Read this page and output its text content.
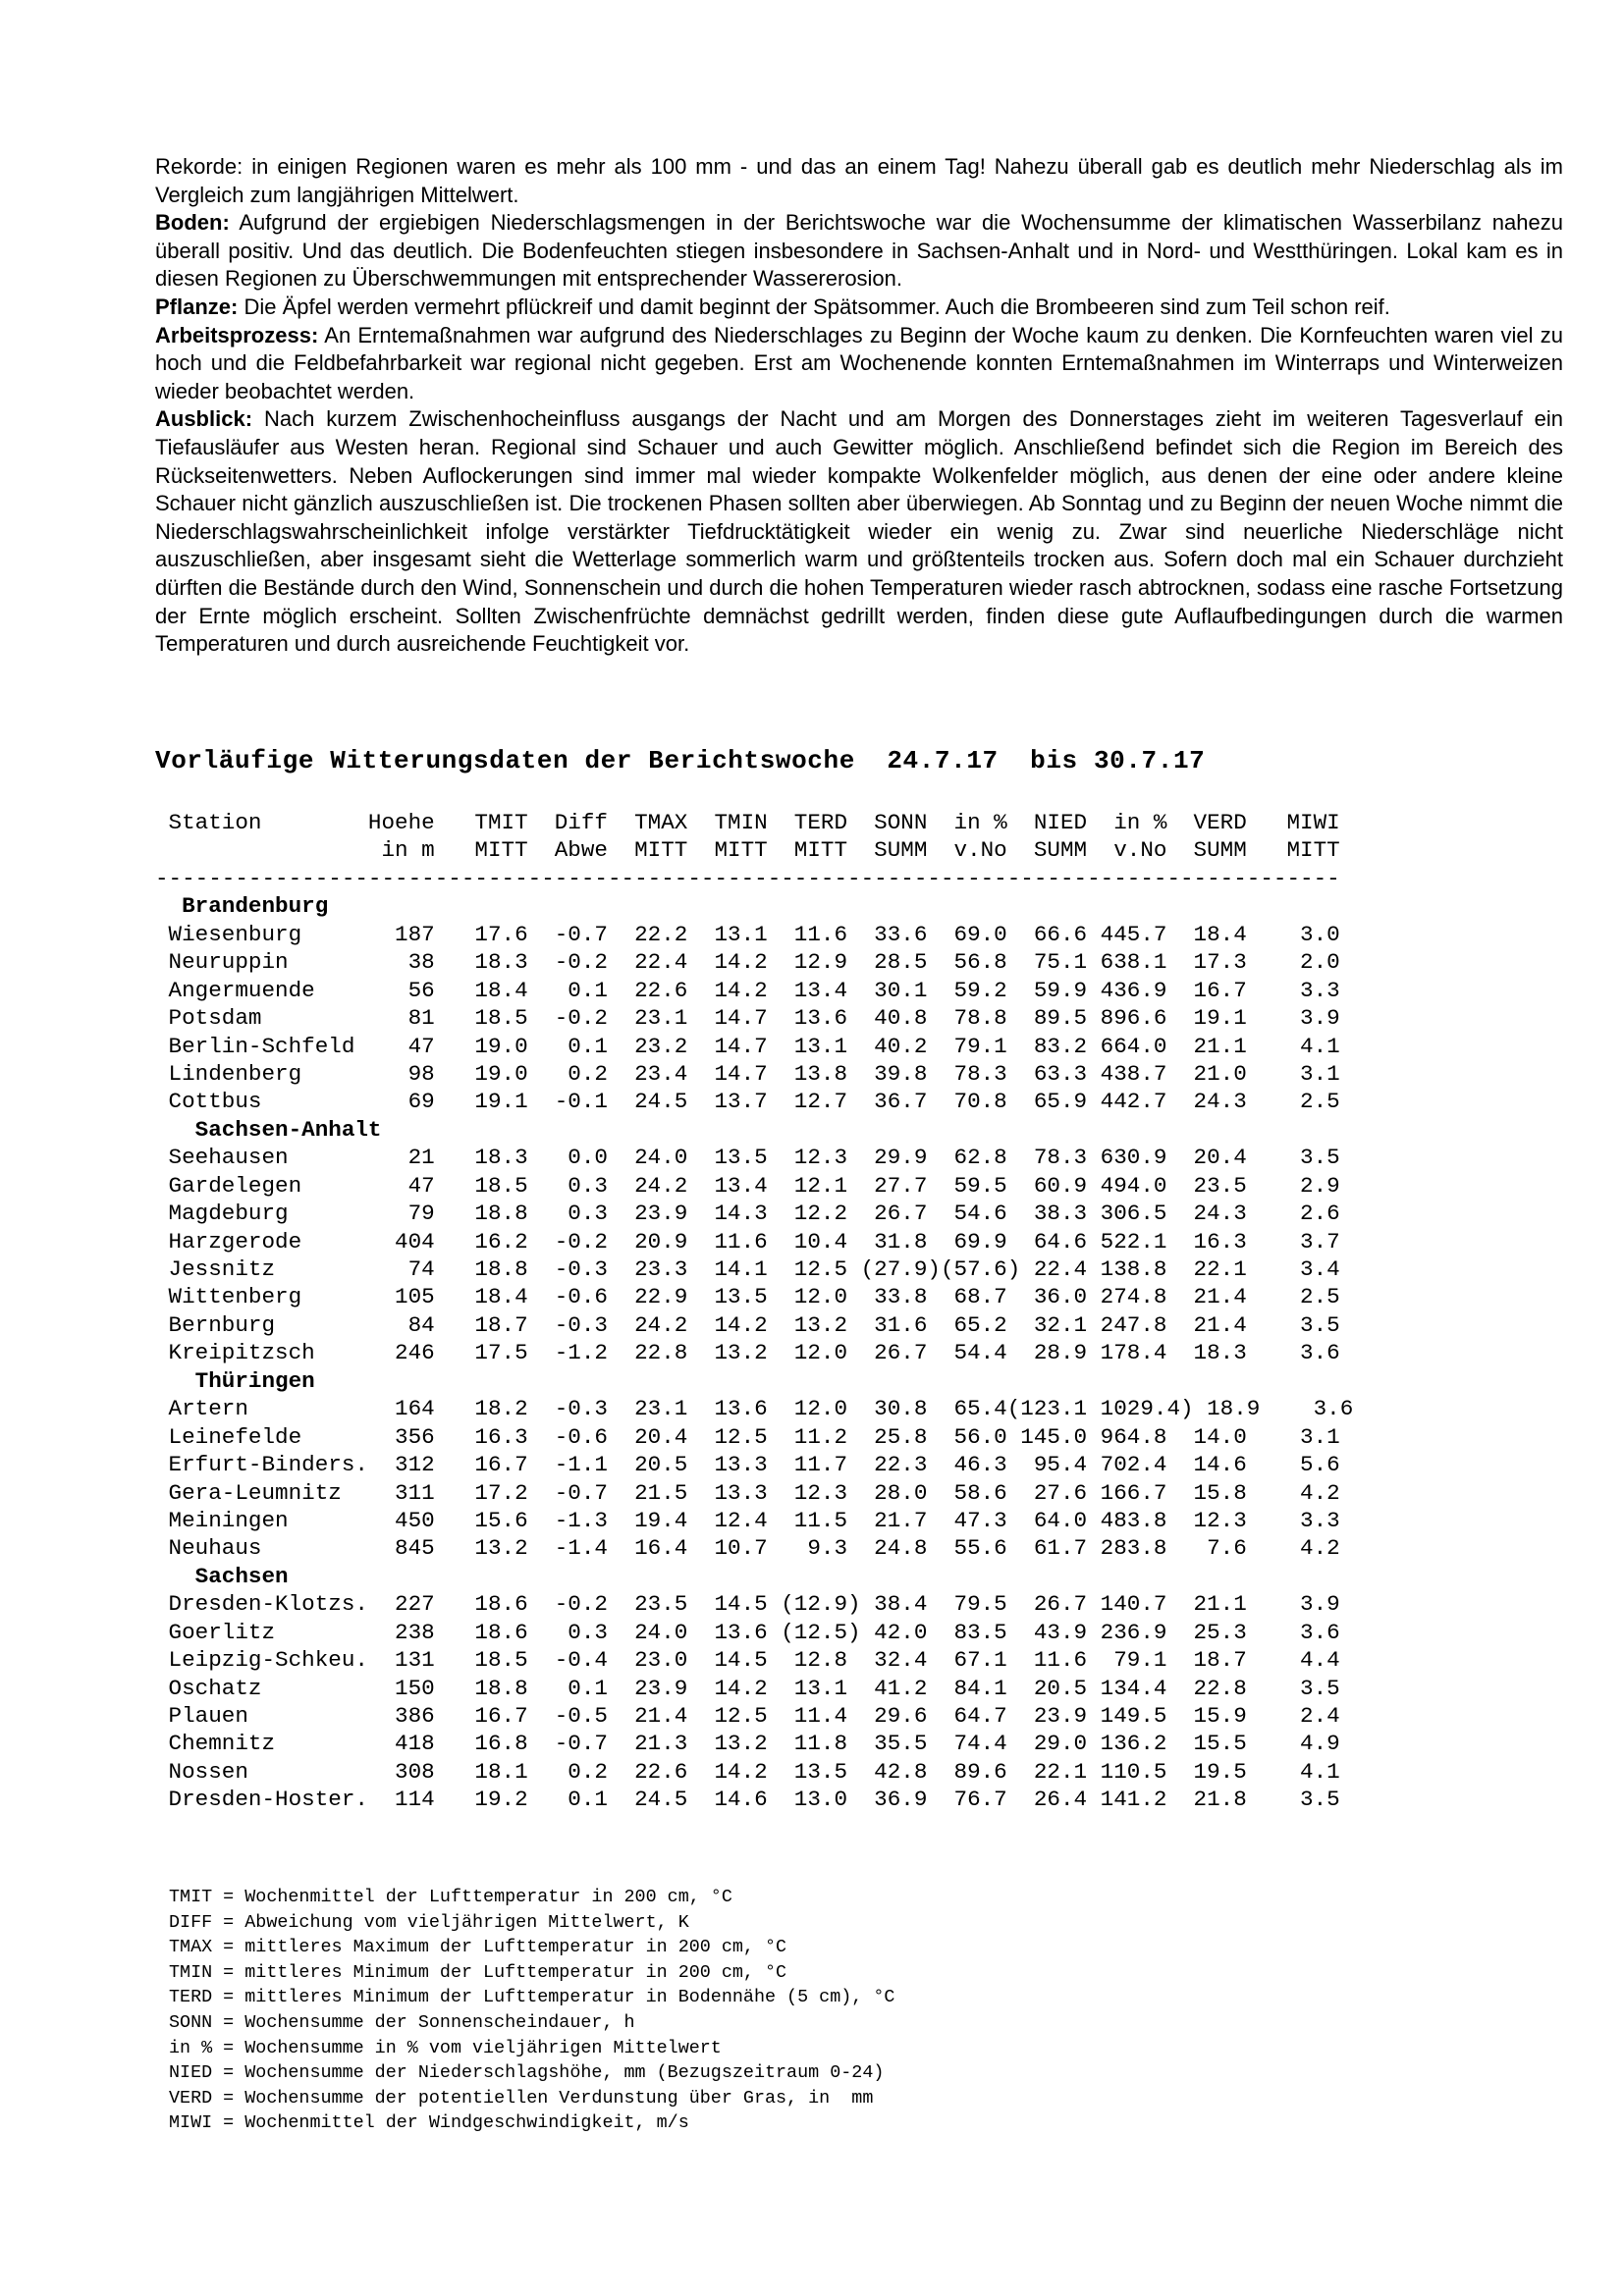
Rekorde: in einigen Regionen waren es mehr als 100 mm - und das an einem Tag! Nahezu überall gab es deutlich mehr Niederschlag als im Vergleich zum langjährigen Mittelwert.

Boden: Aufgrund der ergiebigen Niederschlagsmengen in der Berichtswoche war die Wochensumme der klimatischen Wasserbilanz nahezu überall positiv. Und das deutlich. Die Bodenfeuchten stiegen insbesondere in Sachsen-Anhalt und in Nord- und Westthüringen. Lokal kam es in diesen Regionen zu Überschwemmungen mit entsprechender Wassererosion.

Pflanze: Die Äpfel werden vermehrt pflückreif und damit beginnt der Spätsommer. Auch die Brombeeren sind zum Teil schon reif.

Arbeitsprozess: An Erntemaßnahmen war aufgrund des Niederschlages zu Beginn der Woche kaum zu denken. Die Kornfeuchten waren viel zu hoch und die Feldbefahrbarkeit war regional nicht gegeben. Erst am Wochenende konnten Erntemaßnahmen im Winterraps und Winterweizen wieder beobachtet werden.

Ausblick: Nach kurzem Zwischenhocheinfluss ausgangs der Nacht und am Morgen des Donnerstages zieht im weiteren Tagesverlauf ein Tiefausläufer aus Westen heran. Regional sind Schauer und auch Gewitter möglich. Anschließend befindet sich die Region im Bereich des Rückseitenwetters. Neben Auflockerungen sind immer mal wieder kompakte Wolkenfelder möglich, aus denen der eine oder andere kleine Schauer nicht gänzlich auszuschließen ist. Die trockenen Phasen sollten aber überwiegen. Ab Sonntag und zu Beginn der neuen Woche nimmt die Niederschlagswahrscheinlichkeit infolge verstärkter Tiefdrucktätigkeit wieder ein wenig zu. Zwar sind neuerliche Niederschläge nicht auszuschließen, aber insgesamt sieht die Wetterlage sommerlich warm und größtenteils trocken aus. Sofern doch mal ein Schauer durchzieht dürften die Bestände durch den Wind, Sonnenschein und durch die hohen Temperaturen wieder rasch abtrocknen, sodass eine rasche Fortsetzung der Ernte möglich erscheint. Sollten Zwischenfrüchte demnächst gedrillt werden, finden diese gute Auflaufbedingungen durch die warmen Temperaturen und durch ausreichende Feuchtigkeit vor.

Vorläufige Witterungsdaten der Berichtswoche  24.7.17  bis 30.7.17
Station        Hoehe   TMIT  Diff  TMAX  TMIN  TERD  SONN  in %  NIED  in %  VERD   MIWI
in m   MITT  Abwe  MITT  MITT  MITT  SUMM  v.No  SUMM  v.No  SUMM   MITT
-----------------------------------------------------------------------------------------
Brandenburg
Wiesenburg       187   17.6  -0.7  22.2  13.1  11.6  33.6  69.0  66.6 445.7  18.4    3.0
Neuruppin         38   18.3  -0.2  22.4  14.2  12.9  28.5  56.8  75.1 638.1  17.3    2.0
Angermuende       56   18.4   0.1  22.6  14.2  13.4  30.1  59.2  59.9 436.9  16.7    3.3
Potsdam           81   18.5  -0.2  23.1  14.7  13.6  40.8  78.8  89.5 896.6  19.1    3.9
Berlin-Schfeld    47   19.0   0.1  23.2  14.7  13.1  40.2  79.1  83.2 664.0  21.1    4.1
Lindenberg        98   19.0   0.2  23.4  14.7  13.8  39.8  78.3  63.3 438.7  21.0    3.1
Cottbus           69   19.1  -0.1  24.5  13.7  12.7  36.7  70.8  65.9 442.7  24.3    2.5
Sachsen-Anhalt
Seehausen         21   18.3   0.0  24.0  13.5  12.3  29.9  62.8  78.3 630.9  20.4    3.5
Gardelegen        47   18.5   0.3  24.2  13.4  12.1  27.7  59.5  60.9 494.0  23.5    2.9
Magdeburg         79   18.8   0.3  23.9  14.3  12.2  26.7  54.6  38.3 306.5  24.3    2.6
Harzgerode       404   16.2  -0.2  20.9  11.6  10.4  31.8  69.9  64.6 522.1  16.3    3.7
Jessnitz          74   18.8  -0.3  23.3  14.1  12.5 (27.9)(57.6) 22.4 138.8  22.1    3.4
Wittenberg       105   18.4  -0.6  22.9  13.5  12.0  33.8  68.7  36.0 274.8  21.4    2.5
Bernburg          84   18.7  -0.3  24.2  14.2  13.2  31.6  65.2  32.1 247.8  21.4    3.5
Kreipitzsch      246   17.5  -1.2  22.8  13.2  12.0  26.7  54.4  28.9 178.4  18.3    3.6
Thüringen
Artern           164   18.2  -0.3  23.1  13.6  12.0  30.8  65.4(123.1 1029.4) 18.9    3.6
Leinefelde       356   16.3  -0.6  20.4  12.5  11.2  25.8  56.0 145.0 964.8  14.0    3.1
Erfurt-Binders.  312   16.7  -1.1  20.5  13.3  11.7  22.3  46.3  95.4 702.4  14.6    5.6
Gera-Leumnitz    311   17.2  -0.7  21.5  13.3  12.3  28.0  58.6  27.6 166.7  15.8    4.2
Meiningen        450   15.6  -1.3  19.4  12.4  11.5  21.7  47.3  64.0 483.8  12.3    3.3
Neuhaus          845   13.2  -1.4  16.4  10.7   9.3  24.8  55.6  61.7 283.8   7.6    4.2
Sachsen
Dresden-Klotzs.  227   18.6  -0.2  23.5  14.5 (12.9) 38.4  79.5  26.7 140.7  21.1    3.9
Goerlitz         238   18.6   0.3  24.0  13.6 (12.5) 42.0  83.5  43.9 236.9  25.3    3.6
Leipzig-Schkeu.  131   18.5  -0.4  23.0  14.5  12.8  32.4  67.1  11.6  79.1  18.7    4.4
Oschatz          150   18.8   0.1  23.9  14.2  13.1  41.2  84.1  20.5 134.4  22.8    3.5
Plauen           386   16.7  -0.5  21.4  12.5  11.4  29.6  64.7  23.9 149.5  15.9    2.4
Chemnitz         418   16.8  -0.7  21.3  13.2  11.8  35.5  74.4  29.0 136.2  15.5    4.9
Nossen           308   18.1   0.2  22.6  14.2  13.5  42.8  89.6  22.1 110.5  19.5    4.1
Dresden-Hoster.  114   19.2   0.1  24.5  14.6  13.0  36.9  76.7  26.4 141.2  21.8    3.5
TMIT = Wochenmittel der Lufttemperatur in 200 cm, °C
DIFF = Abweichung vom vieljährigen Mittelwert, K
TMAX = mittleres Maximum der Lufttemperatur in 200 cm, °C
TMIN = mittleres Minimum der Lufttemperatur in 200 cm, °C
TERD = mittleres Minimum der Lufttemperatur in Bodennähe (5 cm), °C
SONN = Wochensumme der Sonnenscheindauer, h
in % = Wochensumme in % vom vieljährigen Mittelwert
NIED = Wochensumme der Niederschlagshöhe, mm (Bezugszeitraum 0-24)
VERD = Wochensumme der potentiellen Verdunstung über Gras, in  mm
MIWI = Wochenmittel der Windgeschwindigkeit, m/s
